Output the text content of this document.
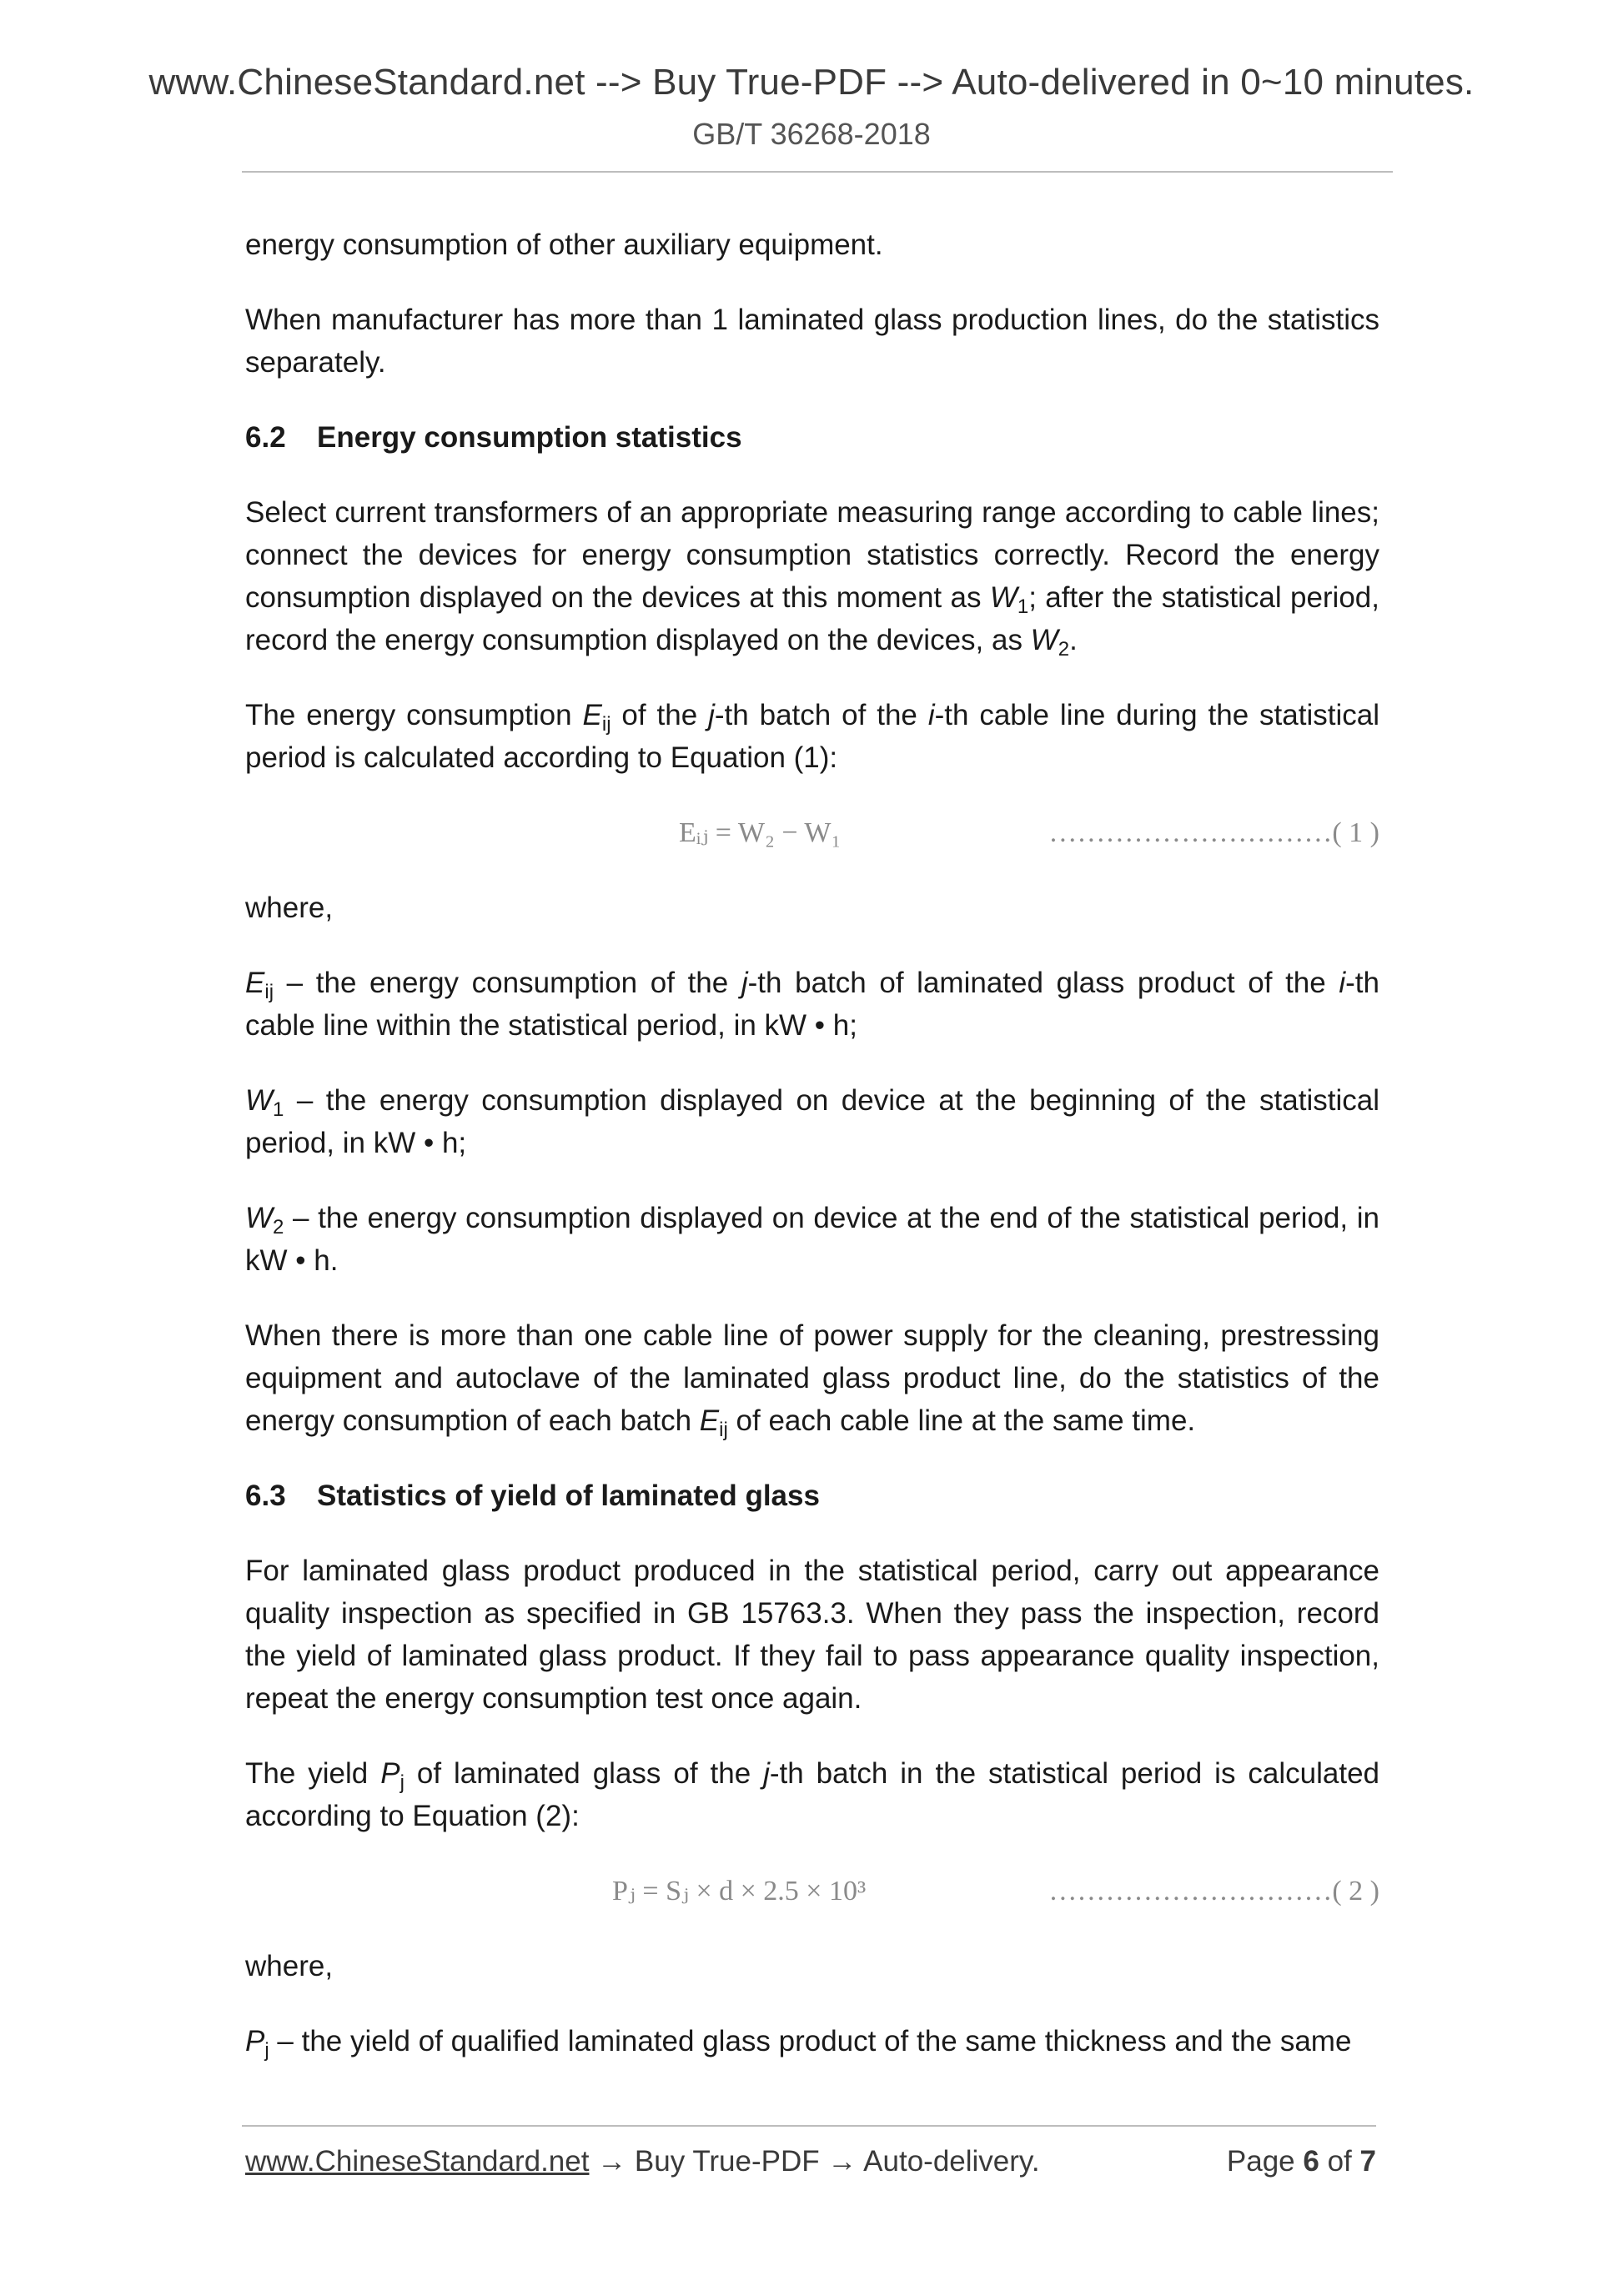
www.ChineseStandard.net --> Buy True-PDF --> Auto-delivered in 0~10 minutes.
GB/T 36268-2018

energy consumption of other auxiliary equipment.

When manufacturer has more than 1 laminated glass production lines, do the statistics separately.

6.2 Energy consumption statistics

Select current transformers of an appropriate measuring range according to cable lines; connect the devices for energy consumption statistics correctly. Record the energy consumption displayed on the devices at this moment as $W_1$; after the statistical period, record the energy consumption displayed on the devices, as $W_2$.

The energy consumption $E_{ij}$ of the j-th batch of the i-th cable line during the statistical period is calculated according to Equation (1):

Eᵢⱼ = W₂ − W₁	…………………………( 1 )

where,

$E_{ij}$ – the energy consumption of the j-th batch of laminated glass product of the i-th cable line within the statistical period, in kW • h;

$W_1$ – the energy consumption displayed on device at the beginning of the statistical period, in kW • h;

$W_2$ – the energy consumption displayed on device at the end of the statistical period, in kW • h.

When there is more than one cable line of power supply for the cleaning, prestressing equipment and autoclave of the laminated glass product line, do the statistics of the energy consumption of each batch $E_{ij}$ of each cable line at the same time.

6.3 Statistics of yield of laminated glass

For laminated glass product produced in the statistical period, carry out appearance quality inspection as specified in GB 15763.3. When they pass the inspection, record the yield of laminated glass product. If they fail to pass appearance quality inspection, repeat the energy consumption test once again.

The yield $P_j$ of laminated glass of the j-th batch in the statistical period is calculated according to Equation (2):

Pⱼ = Sⱼ × d × 2.5 × 10³	…………………………( 2 )

where,

$P_j$ – the yield of qualified laminated glass product of the same thickness and the same

www.ChineseStandard.net → Buy True-PDF → Auto-delivery.	Page 6 of 7
